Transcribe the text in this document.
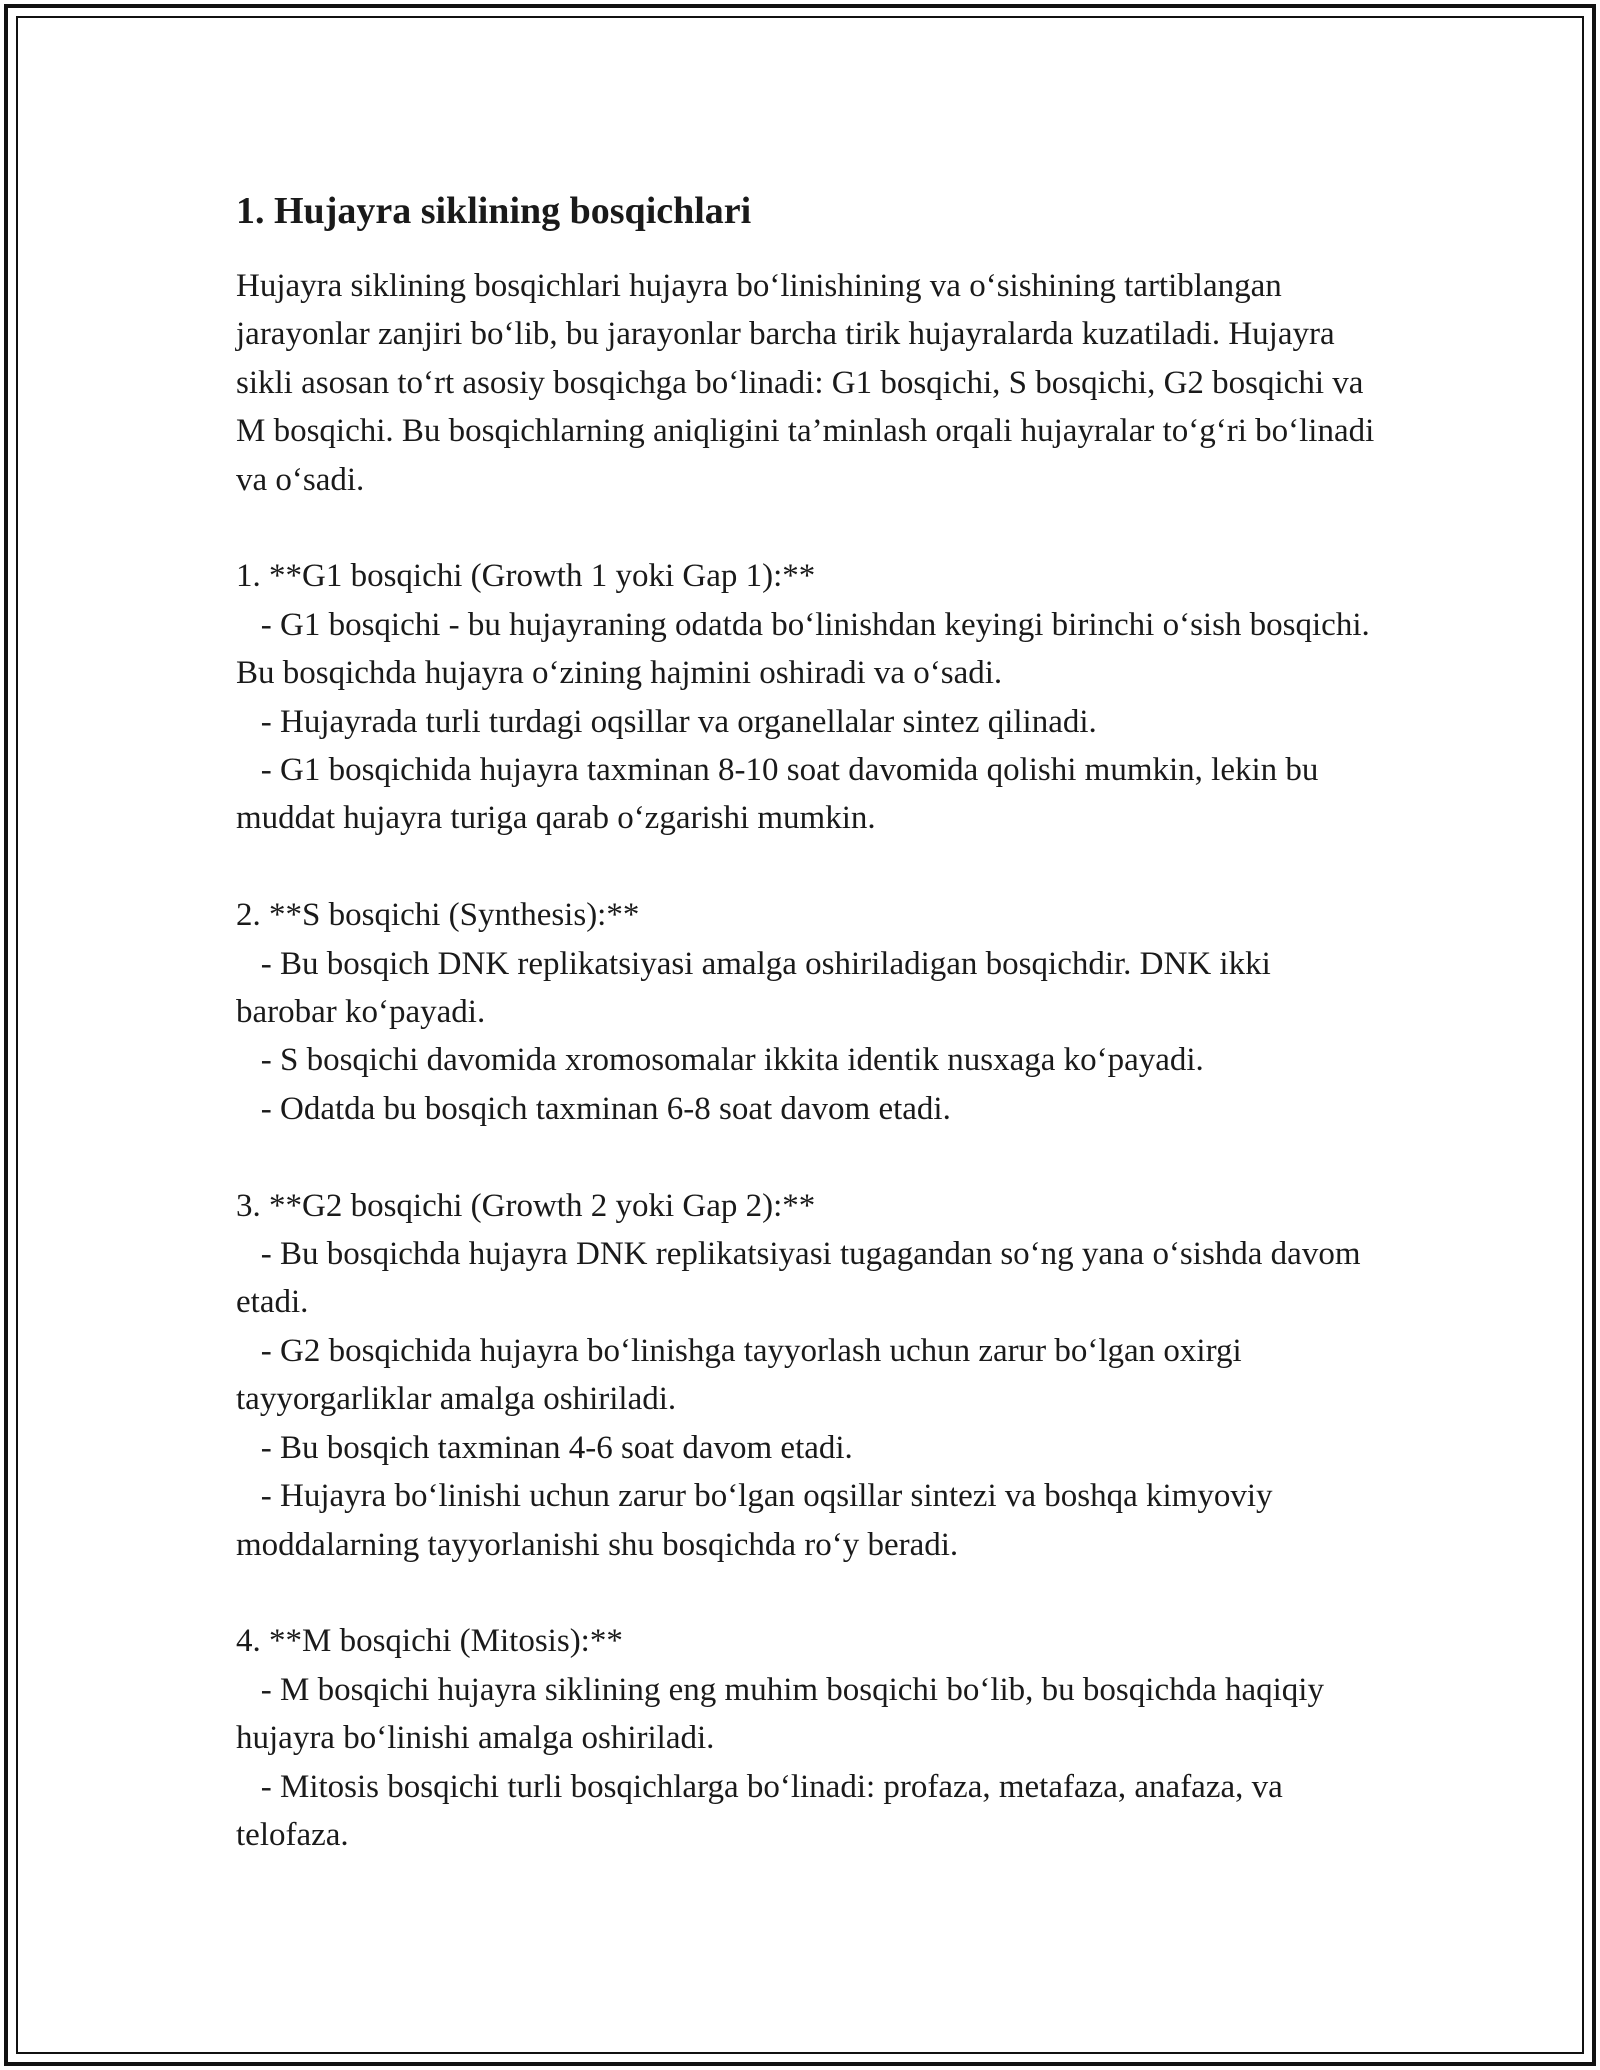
1. Hujayra siklining bosqichlari

Hujayra siklining bosqichlari hujayra bo‘linishining va o‘sishining tartiblangan jarayonlar zanjiri bo‘lib, bu jarayonlar barcha tirik hujayralarda kuzatiladi. Hujayra sikli asosan to‘rt asosiy bosqichga bo‘linadi: G1 bosqichi, S bosqichi, G2 bosqichi va M bosqichi. Bu bosqichlarning aniqligini ta’minlash orqali hujayralar to‘g‘ri bo‘linadi va o‘sadi.

1. **G1 bosqichi (Growth 1 yoki Gap 1):**

- G1 bosqichi - bu hujayraning odatda bo‘linishdan keyingi birinchi o‘sish bosqichi. Bu bosqichda hujayra o‘zining hajmini oshiradi va o‘sadi.

- Hujayrada turli turdagi oqsillar va organellalar sintez qilinadi.

- G1 bosqichida hujayra taxminan 8-10 soat davomida qolishi mumkin, lekin bu muddat hujayra turiga qarab o‘zgarishi mumkin.

2. **S bosqichi (Synthesis):**

- Bu bosqich DNK replikatsiyasi amalga oshiriladigan bosqichdir. DNK ikki barobar ko‘payadi.

- S bosqichi davomida xromosomalar ikkita identik nusxaga ko‘payadi.

- Odatda bu bosqich taxminan 6-8 soat davom etadi.

3. **G2 bosqichi (Growth 2 yoki Gap 2):**

- Bu bosqichda hujayra DNK replikatsiyasi tugagandan so‘ng yana o‘sishda davom etadi.

- G2 bosqichida hujayra bo‘linishga tayyorlash uchun zarur bo‘lgan oxirgi tayyorgarliklar amalga oshiriladi.

- Bu bosqich taxminan 4-6 soat davom etadi.

- Hujayra bo‘linishi uchun zarur bo‘lgan oqsillar sintezi va boshqa kimyoviy moddalarning tayyorlanishi shu bosqichda ro‘y beradi.

4. **M bosqichi (Mitosis):**

- M bosqichi hujayra siklining eng muhim bosqichi bo‘lib, bu bosqichda haqiqiy hujayra bo‘linishi amalga oshiriladi.

- Mitosis bosqichi turli bosqichlarga bo‘linadi: profaza, metafaza, anafaza, va telofaza.
